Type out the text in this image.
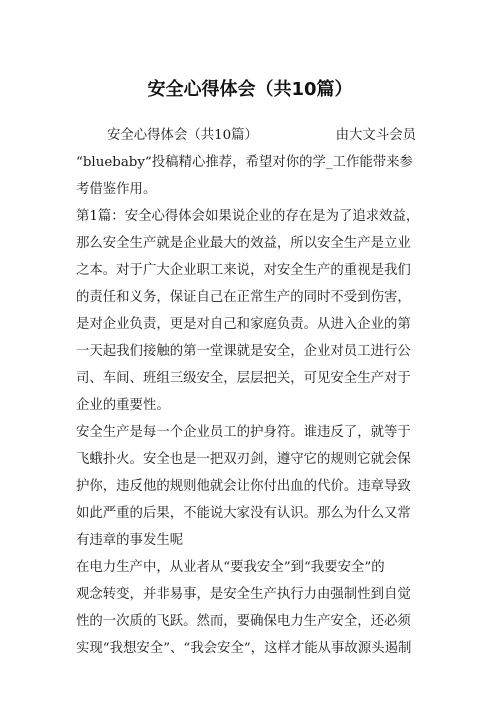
安全心得体会（共10篇）
安全心得体会（共10篇）	由大文斗会员
“bluebaby”投稿精心推荐，希望对你的学_工作能带来参
考借鉴作用。
第1篇：安全心得体会如果说企业的存在是为了追求效益，
那么安全生产就是企业最大的效益，所以安全生产是立业
之本。对于广大企业职工来说，对安全生产的重视是我们
的责任和义务，保证自己在正常生产的同时不受到伤害，
是对企业负责，更是对自己和家庭负责。从进入企业的第
一天起我们接触的第一堂课就是安全，企业对员工进行公
司、车间、班组三级安全，层层把关，可见安全生产对于
企业的重要性。
安全生产是每一个企业员工的护身符。谁违反了，就等于
飞蛾扑火。安全也是一把双刃剑，遵守它的规则它就会保
护你，违反他的规则他就会让你付出血的代价。违章导致
如此严重的后果，不能说大家没有认识。那么为什么又常
有违章的事发生呢
在电力生产中，从业者从“要我安全”到“我要安全”的
观念转变，并非易事，是安全生产执行力由强制性到自觉
性的一次质的飞跃。然而，要确保电力生产安全，还必须
实现“我想安全”、“我会安全”，这样才能从事故源头遏制
